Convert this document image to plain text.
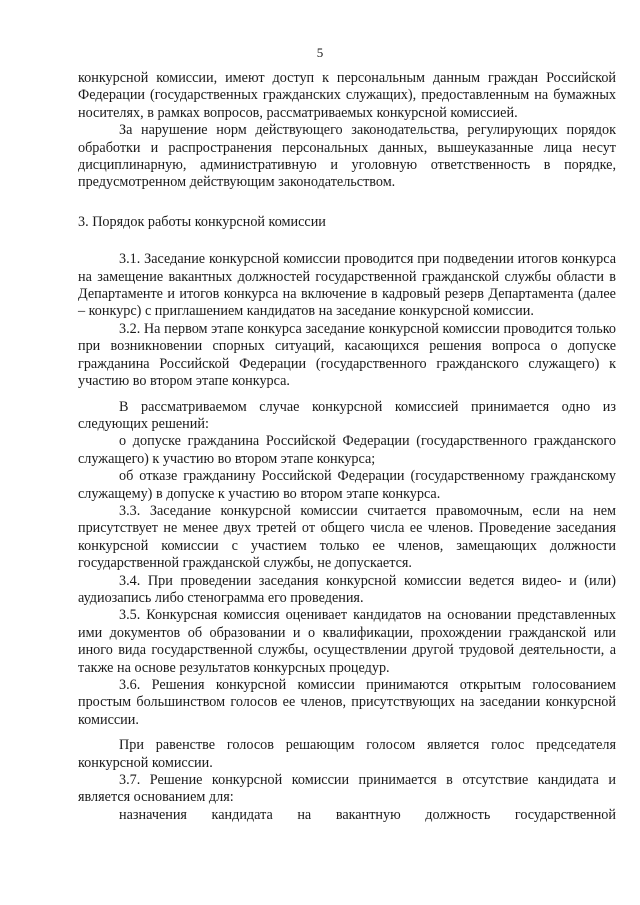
5

конкурсной комиссии, имеют доступ к персональным данным граждан Российской Федерации (государственных гражданских служащих), предоставленным на бумажных носителях, в рамках вопросов, рассматриваемых конкурсной комиссией.

За нарушение норм действующего законодательства, регулирующих порядок обработки и распространения персональных данных, вышеуказанные лица несут дисциплинарную, административную и уголовную ответственность в порядке, предусмотренном действующим законодательством.

3. Порядок работы конкурсной комиссии

3.1. Заседание конкурсной комиссии проводится при подведении итогов конкурса на замещение вакантных должностей государственной гражданской службы области в Департаменте и итогов конкурса на включение в кадровый резерв Департамента (далее – конкурс) с приглашением кандидатов на заседание конкурсной комиссии.

3.2. На первом этапе конкурса заседание конкурсной комиссии проводится только при возникновении спорных ситуаций, касающихся решения вопроса о допуске гражданина Российской Федерации (государственного гражданского служащего) к участию во втором этапе конкурса.

В рассматриваемом случае конкурсной комиссией принимается одно из следующих решений:

о допуске гражданина Российской Федерации (государственного гражданского служащего) к участию во втором этапе конкурса;

об отказе гражданину Российской Федерации (государственному гражданскому служащему) в допуске к участию во втором этапе конкурса.

3.3. Заседание конкурсной комиссии считается правомочным, если на нем присутствует не менее двух третей от общего числа ее членов. Проведение заседания конкурсной комиссии с участием только ее членов, замещающих должности государственной гражданской службы, не допускается.

3.4. При проведении заседания конкурсной комиссии ведется видео- и (или) аудиозапись либо стенограмма его проведения.

3.5. Конкурсная комиссия оценивает кандидатов на основании представленных ими документов об образовании и о квалификации, прохождении гражданской или иного вида государственной службы, осуществлении другой трудовой деятельности, а также на основе результатов конкурсных процедур.

3.6. Решения конкурсной комиссии принимаются открытым голосованием простым большинством голосов ее членов, присутствующих на заседании конкурсной комиссии.

При равенстве голосов решающим голосом является голос председателя конкурсной комиссии.

3.7. Решение конкурсной комиссии принимается в отсутствие кандидата и является основанием для:

назначения кандидата на вакантную должность государственной
